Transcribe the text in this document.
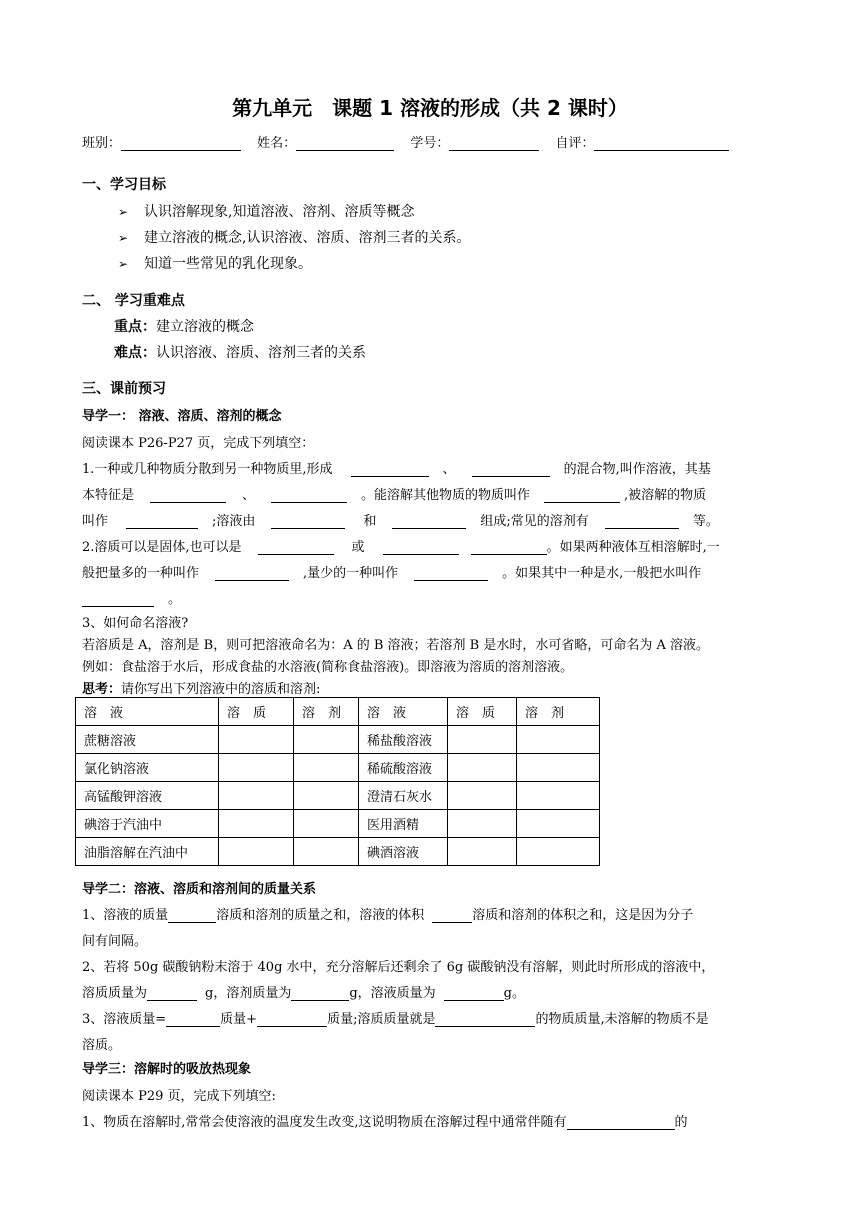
第九单元　课题 1 溶液的形成（共 2 课时）
班别：	姓名：	学号：	自评：
一、学习目标
➢ 认识溶解现象,知道溶液、溶剂、溶质等概念
➢ 建立溶液的概念,认识溶液、溶质、溶剂三者的关系。
➢ 知道一些常见的乳化现象。
二、 学习重难点
重点：建立溶液的概念
难点：认识溶液、溶质、溶剂三者的关系
三、课前预习
导学一： 溶液、溶质、溶剂的概念
阅读课本 P26-P27 页，完成下列填空：
1.一种或几种物质分散到另一种物质里,形成	、	的混合物,叫作溶液，其基
本特征是	、	。能溶解其他物质的物质叫作	,被溶解的物质
叫作	;溶液由	和	组成;常见的溶剂有	等。
2.溶质可以是固体,也可以是	或	。如果两种液体互相溶解时,一
般把量多的一种叫作	,量少的一种叫作	。如果其中一种是水,一般把水叫作
。
3、如何命名溶液?
若溶质是 A，溶剂是 B，则可把溶液命名为：A 的 B 溶液；若溶剂 B 是水时，水可省略，可命名为 A 溶液。
例如：食盐溶于水后，形成食盐的水溶液(简称食盐溶液)。即溶液为溶质的溶剂溶液。
思考：请你写出下列溶液中的溶质和溶剂:
溶　液	溶　质	溶　剂	溶　液	溶　质	溶　剂
蔗糖溶液			稀盐酸溶液		
氯化钠溶液			稀硫酸溶液		
高锰酸钾溶液			澄清石灰水		
碘溶于汽油中			医用酒精		
油脂溶解在汽油中			碘酒溶液		
导学二：溶液、溶质和溶剂间的质量关系
1、溶液的质量	溶质和溶剂的质量之和，溶液的体积	溶质和溶剂的体积之和，这是因为分子
间有间隔。
2、若将 50g 碳酸钠粉末溶于 40g 水中，充分溶解后还剩余了 6g 碳酸钠没有溶解，则此时所形成的溶液中，
溶质质量为	g，溶剂质量为	g，溶液质量为	g。
3、溶液质量=	质量+	质量;溶质质量就是	的物质质量,未溶解的物质不是
溶质。
导学三：溶解时的吸放热现象
阅读课本 P29 页，完成下列填空:
1、物质在溶解时,常常会使溶液的温度发生改变,这说明物质在溶解过程中通常伴随有	的
